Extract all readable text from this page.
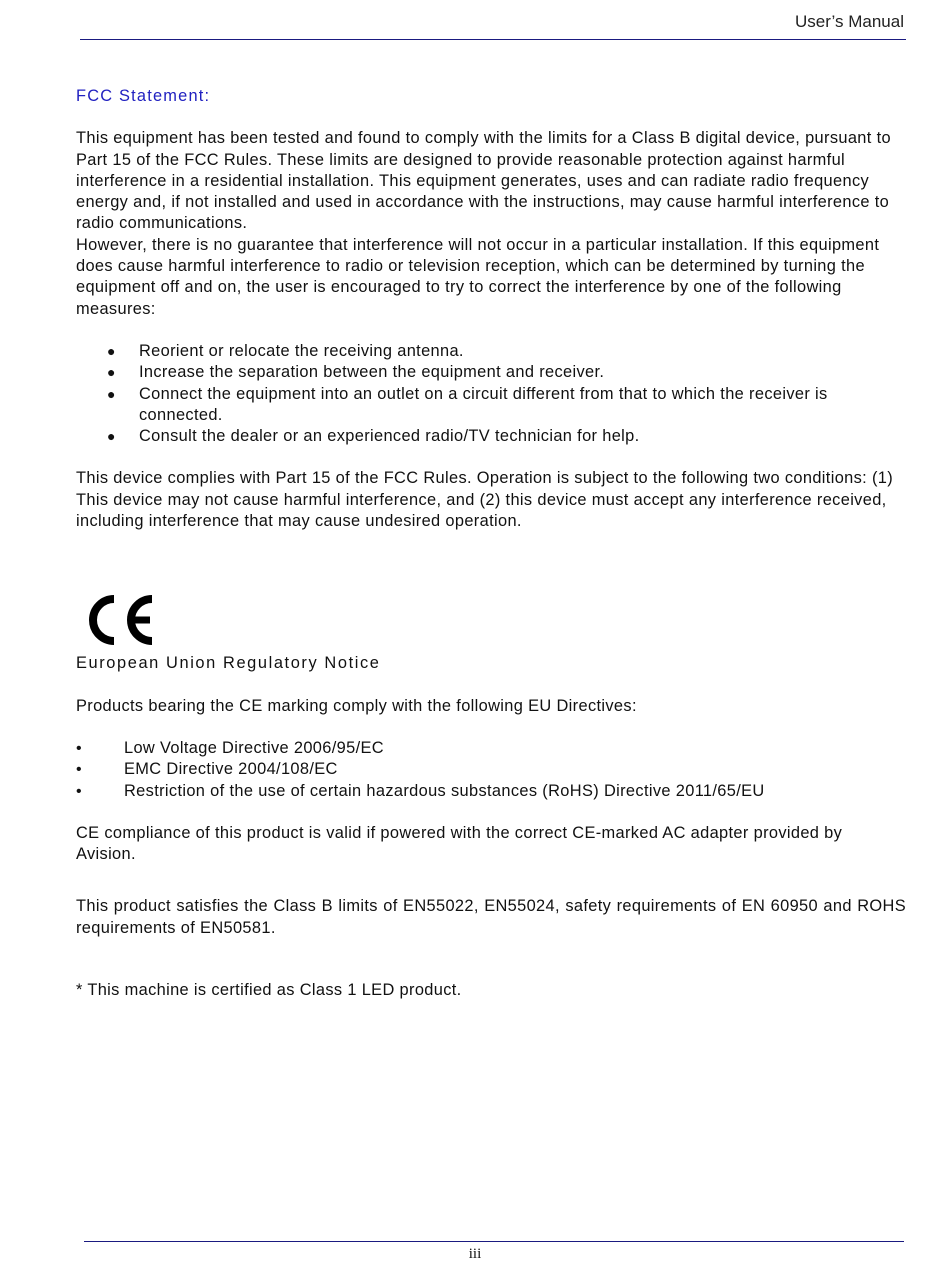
User’s Manual

FCC Statement:

This equipment has been tested and found to comply with the limits for a Class B digital device, pursuant to Part 15 of the FCC Rules. These limits are designed to provide reasonable protection against harmful interference in a residential installation. This equipment generates, uses and can radiate radio frequency energy and, if not installed and used in accordance with the instructions, may cause harmful interference to radio communications.

However, there is no guarantee that interference will not occur in a particular installation. If this equipment does cause harmful interference to radio or television reception, which can be determined by turning the equipment off and on, the user is encouraged to try to correct the interference by one of the following measures:

● Reorient or relocate the receiving antenna.
● Increase the separation between the equipment and receiver.
● Connect the equipment into an outlet on a circuit different from that to which the receiver is connected.
● Consult the dealer or an experienced radio/TV technician for help.

This device complies with Part 15 of the FCC Rules. Operation is subject to the following two conditions: (1) This device may not cause harmful interference, and (2) this device must accept any interference received, including interference that may cause undesired operation.

European Union Regulatory Notice

Products bearing the CE marking comply with the following EU Directives:

•	Low Voltage Directive 2006/95/EC
•	EMC Directive 2004/108/EC
•	Restriction of the use of certain hazardous substances (RoHS) Directive 2011/65/EU

CE compliance of this product is valid if powered with the correct CE-marked AC adapter provided by Avision.

This product satisfies the Class B limits of EN55022, EN55024, safety requirements of EN 60950 and ROHS requirements of EN50581.

* This machine is certified as Class 1 LED product.

iii
